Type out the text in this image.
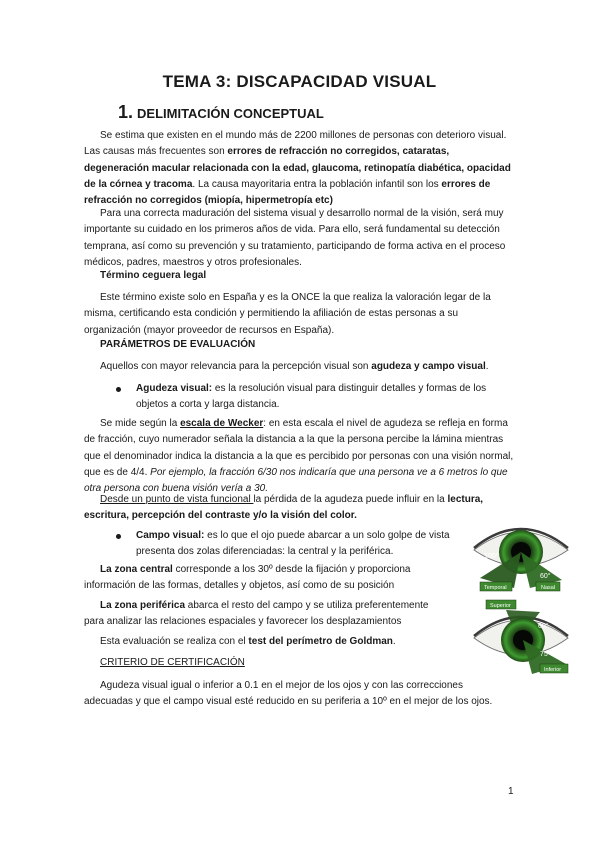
TEMA 3: DISCAPACIDAD VISUAL
1. DELIMITACIÓN CONCEPTUAL

Se estima que existen en el mundo más de 2200 millones de personas con deterioro visual. Las causas más frecuentes son errores de refracción no corregidos, cataratas, degeneración macular relacionada con la edad, glaucoma, retinopatía diabética, opacidad de la córnea y tracoma. La causa mayoritaria entra la población infantil son los errores de refracción no corregidos (miopía, hipermetropía etc)

Para una correcta maduración del sistema visual y desarrollo normal de la visión, será muy importante su cuidado en los primeros años de vida. Para ello, será fundamental su detección temprana, así como su prevención y su tratamiento, participando de forma activa en el proceso médicos, padres, maestros y otros profesionales.

Término ceguera legal

Este término existe solo en España y es la ONCE la que realiza la valoración legar de la misma, certificando esta condición y permitiendo la afiliación de estas personas a su organización (mayor proveedor de recursos en España).

PARÁMETROS DE EVALUACIÓN

Aquellos con mayor relevancia para la percepción visual son agudeza y campo visual.

Agudeza visual: es la resolución visual para distinguir detalles y formas de los objetos a corta y larga distancia.

Se mide según la escala de Wecker: en esta escala el nivel de agudeza se refleja en forma de fracción, cuyo numerador señala la distancia a la que la persona percibe la lámina mientras que el denominador indica la distancia a la que es percibido por personas con una visión normal, que es de 4/4. Por ejemplo, la fracción 6/30 nos indicaría que una persona ve a 6 metros lo que otra persona con buena visión vería a 30.

Desde un punto de vista funcional la pérdida de la agudeza puede influir en la lectura, escritura, percepción del contraste y/o la visión del color.

Campo visual: es lo que el ojo puede abarcar a un solo golpe de vista presenta dos zolas diferenciadas: la central y la periférica.

La zona central corresponde a los 30º desde la fijación y proporciona información de las formas, detalles y objetos, así como de su posición

La zona periférica abarca el resto del campo y se utiliza preferentemente para analizar las relaciones espaciales y favorecer los desplazamientos

Esta evaluación se realiza con el test del perímetro de Goldman.

CRITERIO DE CERTIFICACIÓN

Agudeza visual igual o inferior a 0.1 en el mejor de los ojos y con las correcciones adecuadas y que el campo visual esté reducido en su periferia a 10º en el mejor de los ojos.

100°
60°
Temporal	Nasal
Superior
60°
75°
Inferior
1
